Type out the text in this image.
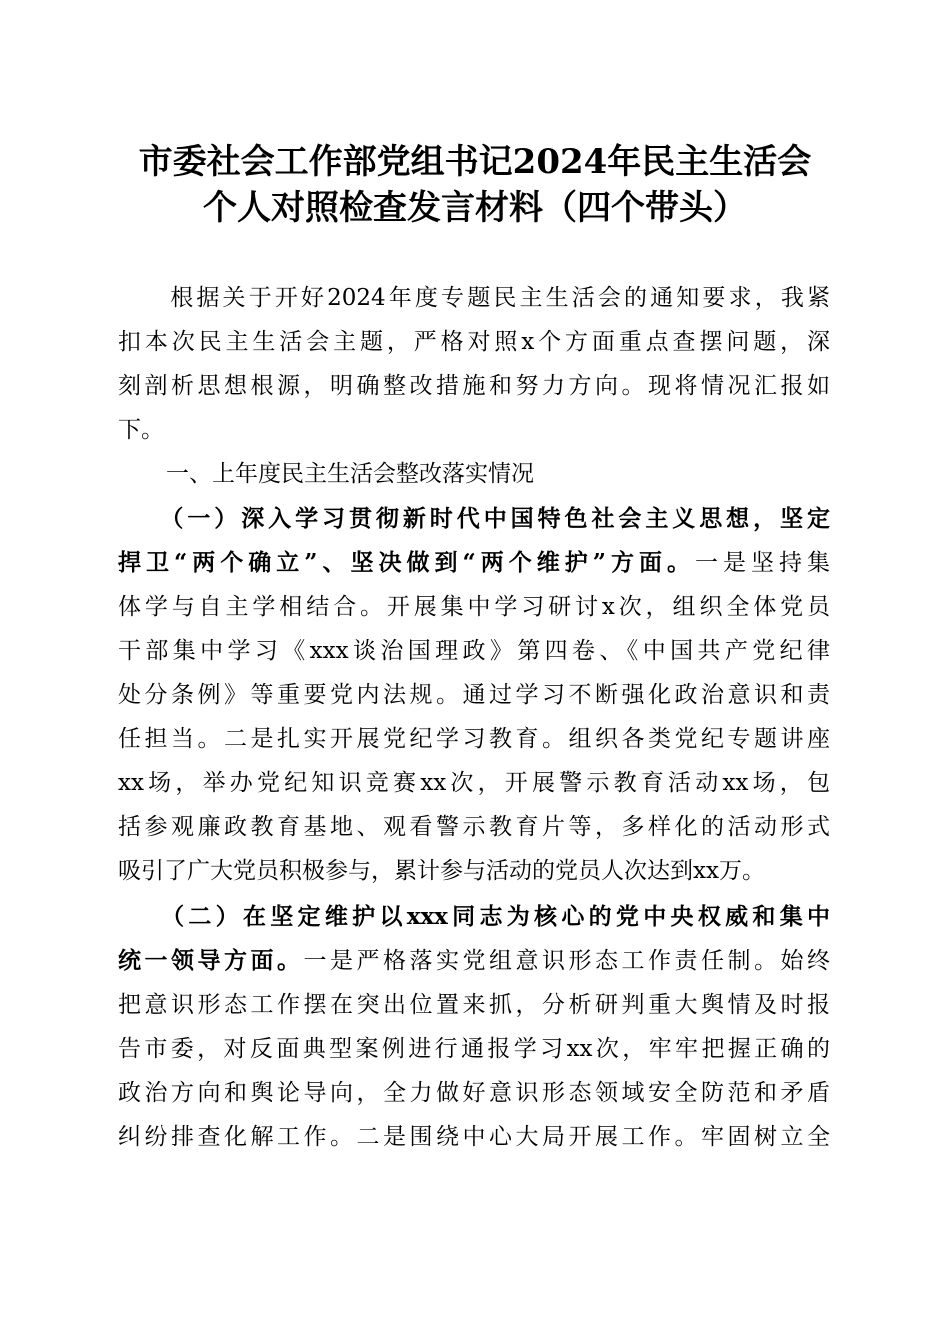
市委社会工作部党组书记2024年民主生活会
个人对照检查发言材料（四个带头）
　　根据关于开好2024年度专题民主生活会的通知要求，我紧
扣本次民主生活会主题，严格对照x个方面重点查摆问题，深
刻剖析思想根源，明确整改措施和努力方向。现将情况汇报如
下。
一、上年度民主生活会整改落实情况
　　（一）深入学习贯彻新时代中国特色社会主义思想，坚定
捍卫“两个确立”、坚决做到“两个维护”方面。一是坚持集
体学与自主学相结合。开展集中学习研讨x次，组织全体党员
干部集中学习《xxx谈治国理政》第四卷、《中国共产党纪律
处分条例》等重要党内法规。通过学习不断强化政治意识和责
任担当。二是扎实开展党纪学习教育。组织各类党纪专题讲座
xx场，举办党纪知识竞赛xx次，开展警示教育活动xx场，包
括参观廉政教育基地、观看警示教育片等，多样化的活动形式
吸引了广大党员积极参与，累计参与活动的党员人次达到xx万。
　　（二）在坚定维护以xxx同志为核心的党中央权威和集中
统一领导方面。一是严格落实党组意识形态工作责任制。始终
把意识形态工作摆在突出位置来抓，分析研判重大舆情及时报
告市委，对反面典型案例进行通报学习xx次，牢牢把握正确的
政治方向和舆论导向，全力做好意识形态领域安全防范和矛盾
纠纷排查化解工作。二是围绕中心大局开展工作。牢固树立全
